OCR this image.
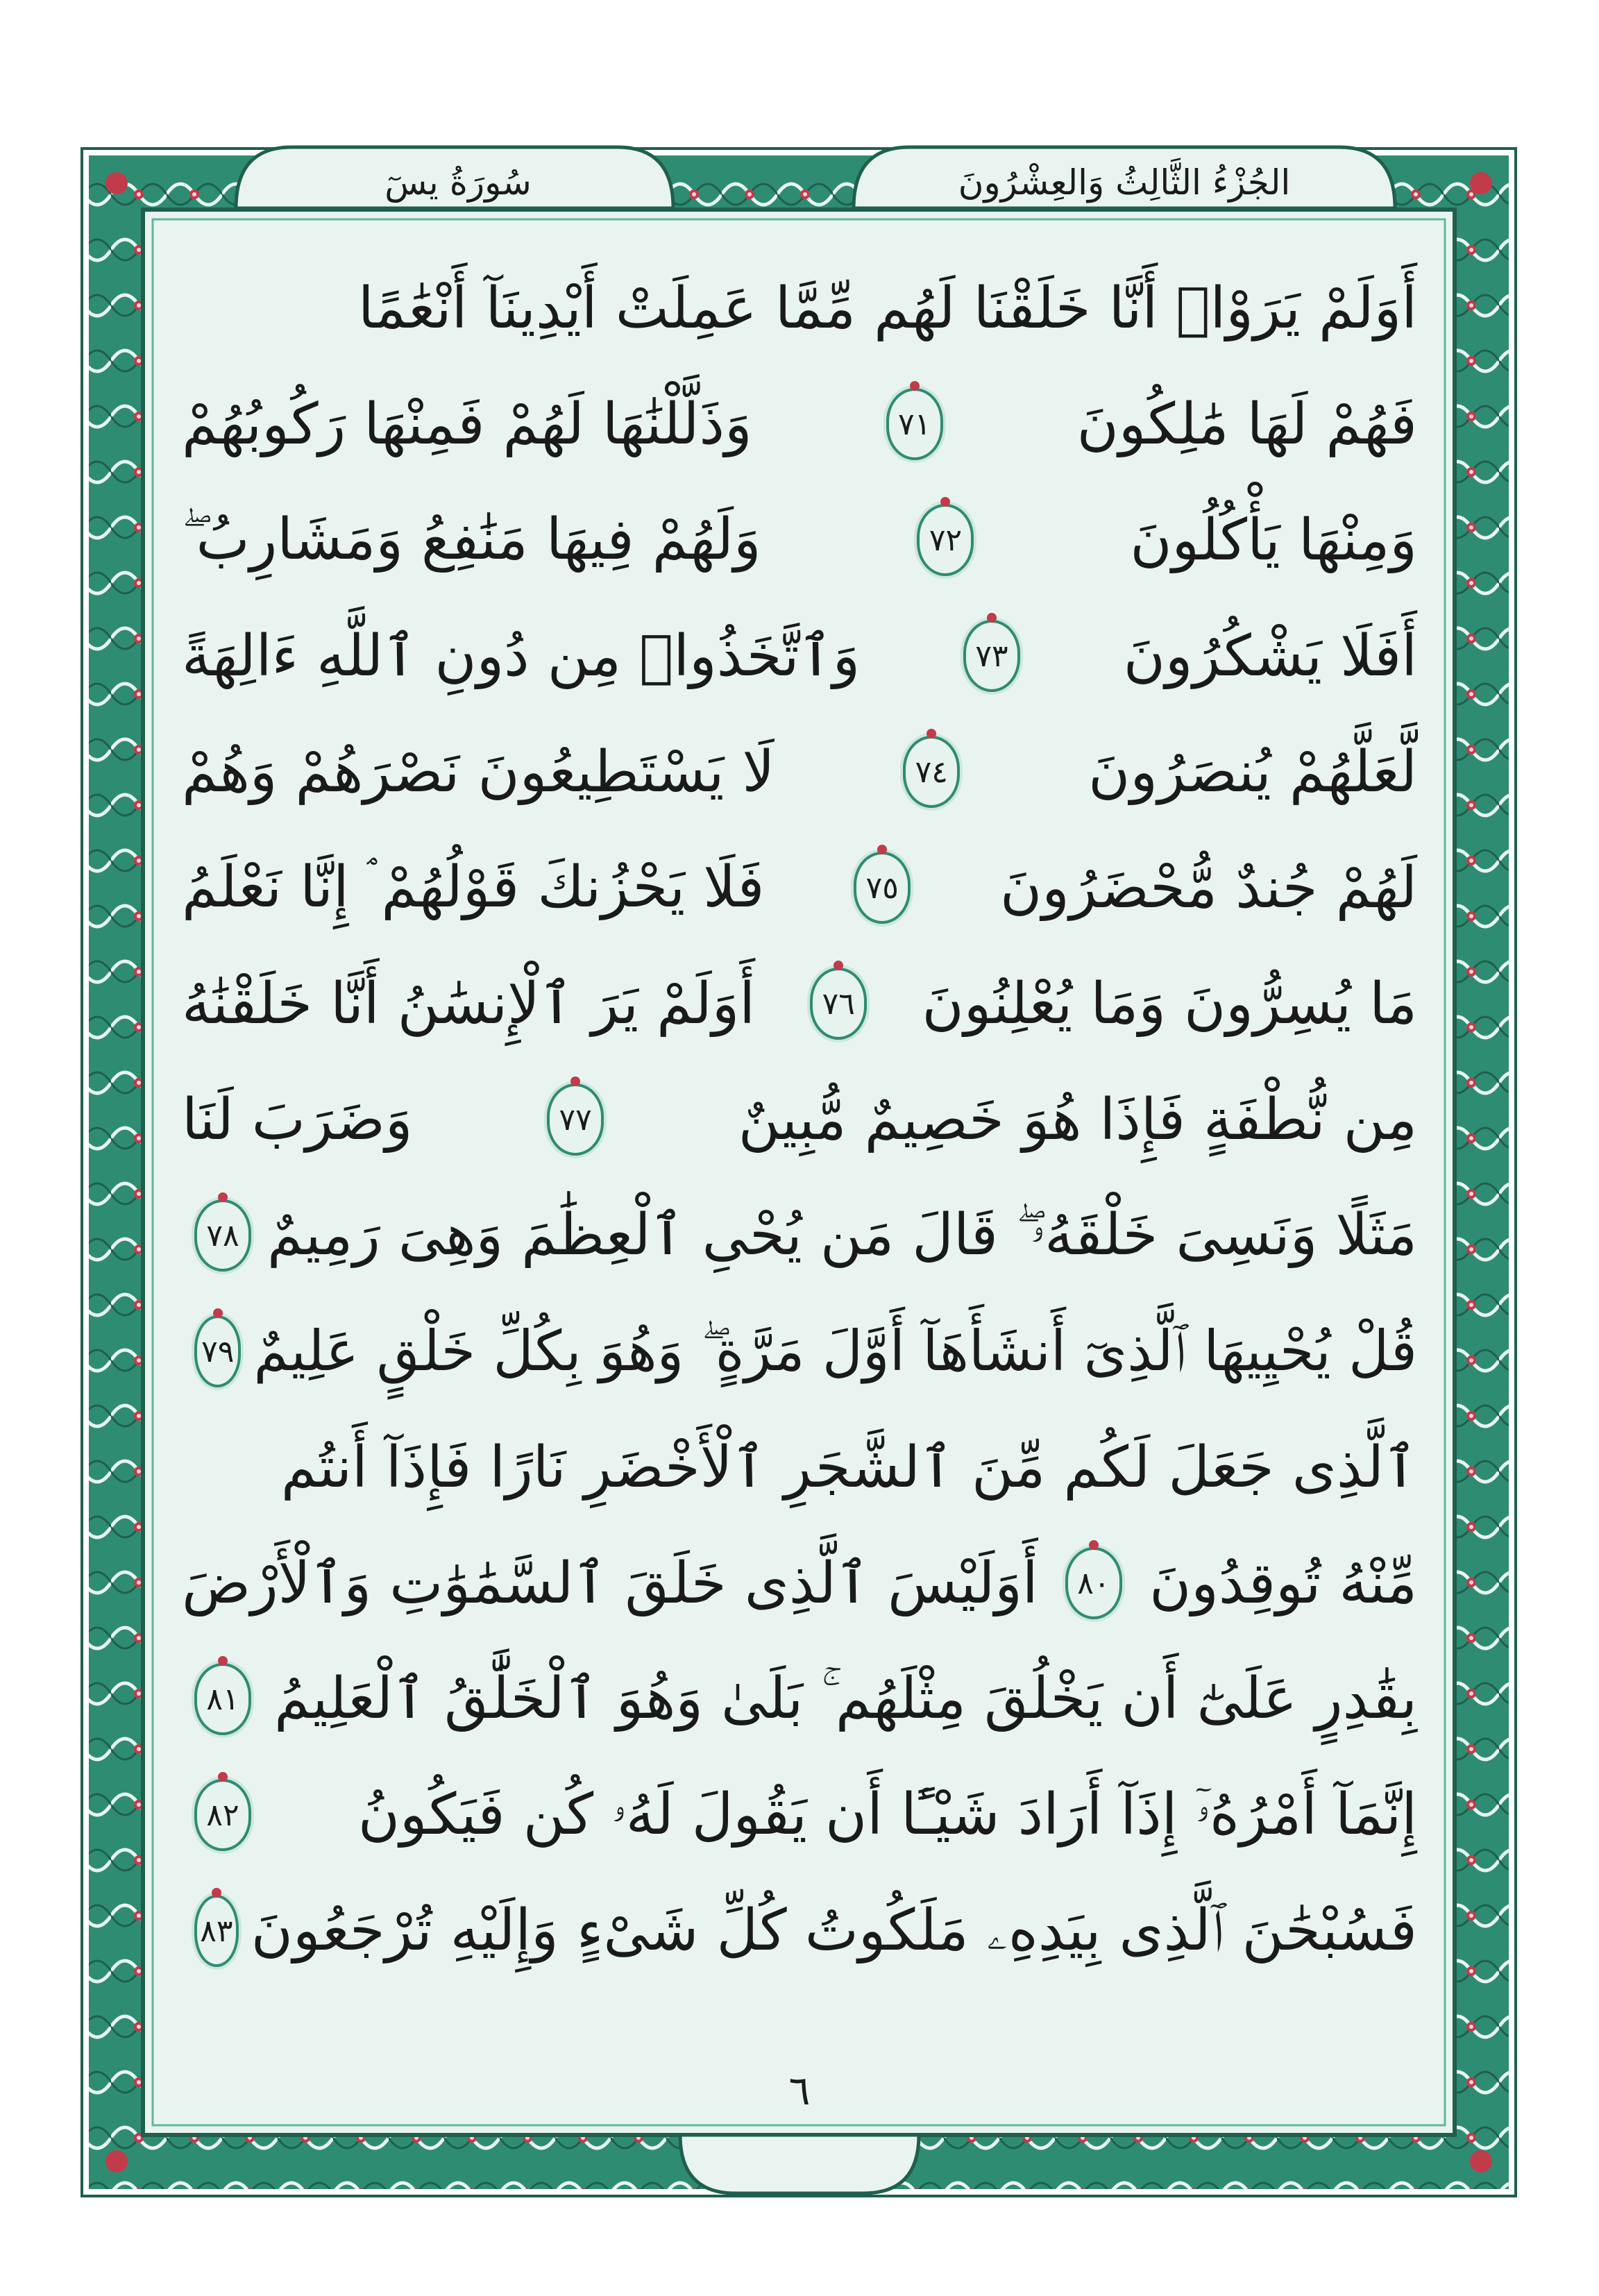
سُورَةُ يسٓ	الجُزْءُ الثَّالِثُ وَالعِشْرُونَ
أَوَلَمْ يَرَوْا۟ أَنَّا خَلَقْنَا لَهُم مِّمَّا عَمِلَتْ أَيْدِينَآ أَنْعَٰمًا
فَهُمْ لَهَا مَٰلِكُونَ
٧١
وَذَلَّلْنَٰهَا لَهُمْ فَمِنْهَا رَكُوبُهُمْ
وَمِنْهَا يَأْكُلُونَ
٧٢
وَلَهُمْ فِيهَا مَنَٰفِعُ وَمَشَارِبُ ۖ
أَفَلَا يَشْكُرُونَ
٧٣
وَٱتَّخَذُوا۟ مِن دُونِ ٱللَّهِ ءَالِهَةً
لَّعَلَّهُمْ يُنصَرُونَ
٧٤
لَا يَسْتَطِيعُونَ نَصْرَهُمْ وَهُمْ
لَهُمْ جُندٌ مُّحْضَرُونَ
٧٥
فَلَا يَحْزُنكَ قَوْلُهُمْ ۘ إِنَّا نَعْلَمُ
مَا يُسِرُّونَ وَمَا يُعْلِنُونَ
٧٦
أَوَلَمْ يَرَ ٱلْإِنسَٰنُ أَنَّا خَلَقْنَٰهُ
مِن نُّطْفَةٍ فَإِذَا هُوَ خَصِيمٌ مُّبِينٌ
٧٧
وَضَرَبَ لَنَا
مَثَلًا وَنَسِىَ خَلْقَهُۥ ۖ قَالَ مَن يُحْىِ ٱلْعِظَٰمَ وَهِىَ رَمِيمٌ
٧٨
قُلْ يُحْيِيهَا ٱلَّذِىٓ أَنشَأَهَآ أَوَّلَ مَرَّةٍ ۖ وَهُوَ بِكُلِّ خَلْقٍ عَلِيمٌ
٧٩
ٱلَّذِى جَعَلَ لَكُم مِّنَ ٱلشَّجَرِ ٱلْأَخْضَرِ نَارًا فَإِذَآ أَنتُم
مِّنْهُ تُوقِدُونَ
٨٠
أَوَلَيْسَ ٱلَّذِى خَلَقَ ٱلسَّمَٰوَٰتِ وَٱلْأَرْضَ
بِقَٰدِرٍ عَلَىٰٓ أَن يَخْلُقَ مِثْلَهُم ۚ بَلَىٰ وَهُوَ ٱلْخَلَّٰقُ ٱلْعَلِيمُ
٨١
إِنَّمَآ أَمْرُهُۥٓ إِذَآ أَرَادَ شَيْـًٔا أَن يَقُولَ لَهُۥ كُن فَيَكُونُ
٨٢
فَسُبْحَٰنَ ٱلَّذِى بِيَدِهِۦ مَلَكُوتُ كُلِّ شَىْءٍ وَإِلَيْهِ تُرْجَعُونَ
٨٣
٦
